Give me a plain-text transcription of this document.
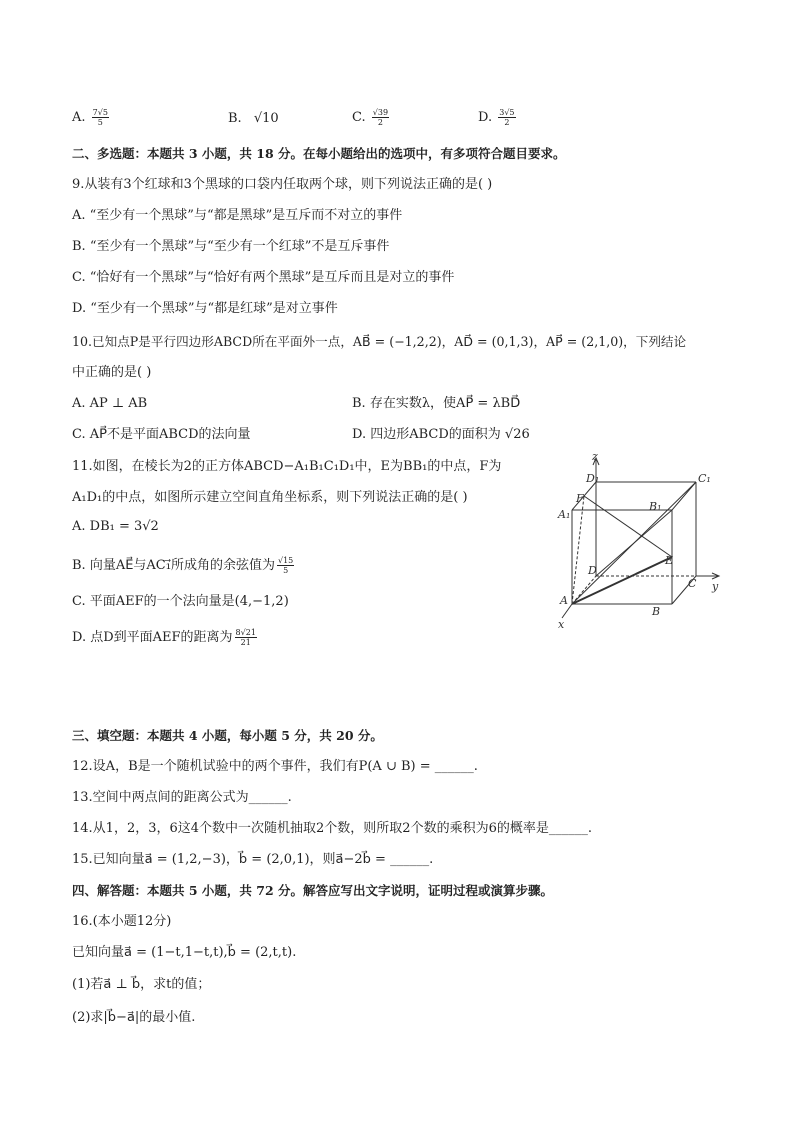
A. $\frac{7√5}{5}$	B. √10	C. $\frac{√39}{2}$	D. $\frac{3√5}{2}$
二、多选题：本题共 3 小题，共 18 分。在每小题给出的选项中，有多项符合题目要求。
9.从装有3个红球和3个黑球的口袋内任取两个球，则下列说法正确的是( )
A. “至少有一个黑球”与“都是黑球”是互斥而不对立的事件
B. “至少有一个黑球”与“至少有一个红球”不是互斥事件
C. “恰好有一个黑球”与“恰好有两个黑球”是互斥而且是对立的事件
D. “至少有一个黑球”与“都是红球”是对立事件
10.已知点P是平行四边形ABCD所在平面外一点，AB⃗ = (−1,2,2)，AD⃗ = (0,1,3)，AP⃗ = (2,1,0)，下列结论
中正确的是( )
A. AP ⊥ AB	B. 存在实数λ，使AP⃗ = λBD⃗
C. AP⃗不是平面ABCD的法向量	D. 四边形ABCD的面积为 √26
11.如图，在棱长为2的正方体ABCD−A₁B₁C₁D₁中，E为BB₁的中点，F为
A₁D₁的中点，如图所示建立空间直角坐标系，则下列说法正确的是( )
A. DB₁ = 3√2
B. 向量AE⃗与AC₁⃗所成角的余弦值为 $\frac{√15}{5}$
C. 平面AEF的一个法向量是(4,−1,2)
D. 点D到平面AEF的距离为 $\frac{8√21}{21}$
z
y
x
D₁	C₁
A₁
B₁
F
E
D
C
A
B
三、填空题：本题共 4 小题，每小题 5 分，共 20 分。
12.设A，B是一个随机试验中的两个事件，我们有P(A ∪ B) = ______.
13.空间中两点间的距离公式为______.
14.从1，2，3，6这4个数中一次随机抽取2个数，则所取2个数的乘积为6的概率是______.
15.已知向量a⃗ = (1,2,−3)，b⃗ = (2,0,1)，则a⃗−2b⃗ = ______.
四、解答题：本题共 5 小题，共 72 分。解答应写出文字说明，证明过程或演算步骤。
16.(本小题12分)
已知向量a⃗ = (1−t,1−t,t),b⃗ = (2,t,t).
(1)若a⃗ ⊥ b⃗，求t的值；
(2)求|b⃗−a⃗|的最小值.
